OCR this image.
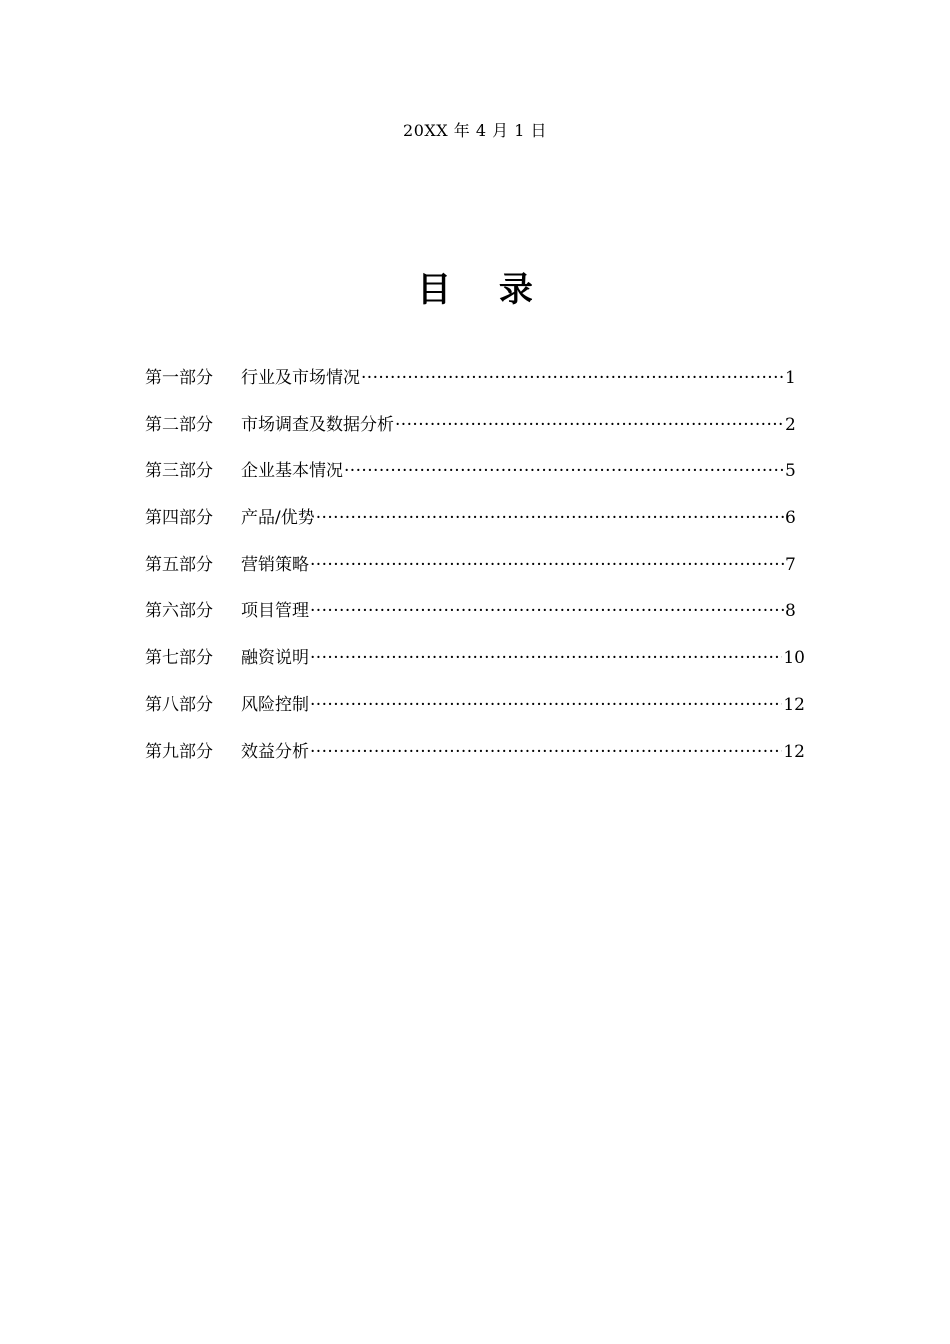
20XX 年 4 月 1 日
目 录
第一部分	行业及市场情况 ·····	1
第二部分	市场调查及数据分析 ·····	2
第三部分	企业基本情况 ·····	5
第四部分	产品/优势 ·····	6
第五部分	营销策略 ·····	7
第六部分	项目管理 ·····	8
第七部分	融资说明 ·····	10
第八部分	风险控制 ·····	12
第九部分	效益分析 ·····	12
